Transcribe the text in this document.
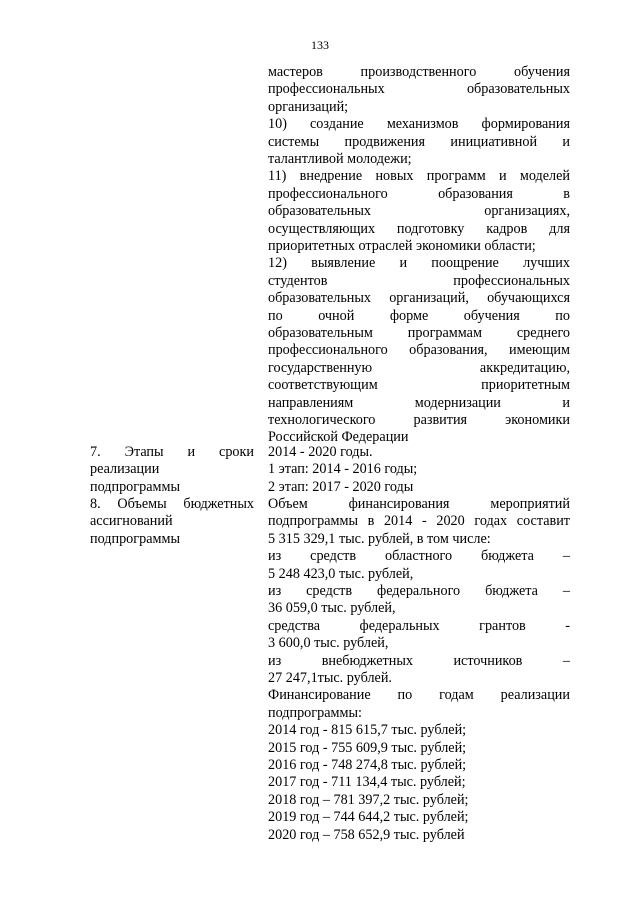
133
мастеров производственного обучения
профессиональных образовательных
организаций;
10) создание механизмов формирования
системы продвижения инициативной и
талантливой молодежи;
11) внедрение новых программ и моделей
профессионального образования в
образовательных организациях,
осуществляющих подготовку кадров для
приоритетных отраслей экономики области;
12) выявление и поощрение лучших
студентов профессиональных
образовательных организаций, обучающихся
по очной форме обучения по
образовательным программам среднего
профессионального образования, имеющим
государственную аккредитацию,
соответствующим приоритетным
направлениям модернизации и
технологического развития экономики
Российской Федерации
2014 - 2020 годы.
1 этап: 2014 - 2016 годы;
2 этап: 2017 - 2020 годы
Объем финансирования мероприятий
подпрограммы в 2014 - 2020 годах составит
5 315 329,1 тыс. рублей, в том числе:
из средств областного бюджета –
5 248 423,0 тыс. рублей,
из средств федерального бюджета –
36 059,0 тыс. рублей,
средства федеральных грантов -
3 600,0 тыс. рублей,
из внебюджетных источников –
27 247,1тыс. рублей.
Финансирование по годам реализации
подпрограммы:
2014 год - 815 615,7 тыс. рублей;
2015 год - 755 609,9 тыс. рублей;
2016 год - 748 274,8 тыс. рублей;
2017 год - 711 134,4 тыс. рублей;
2018 год – 781 397,2 тыс. рублей;
2019 год – 744 644,2 тыс. рублей;
2020 год – 758 652,9 тыс. рублей
7. Этапы и сроки
реализации
подпрограммы
8. Объемы бюджетных
ассигнований
подпрограммы
